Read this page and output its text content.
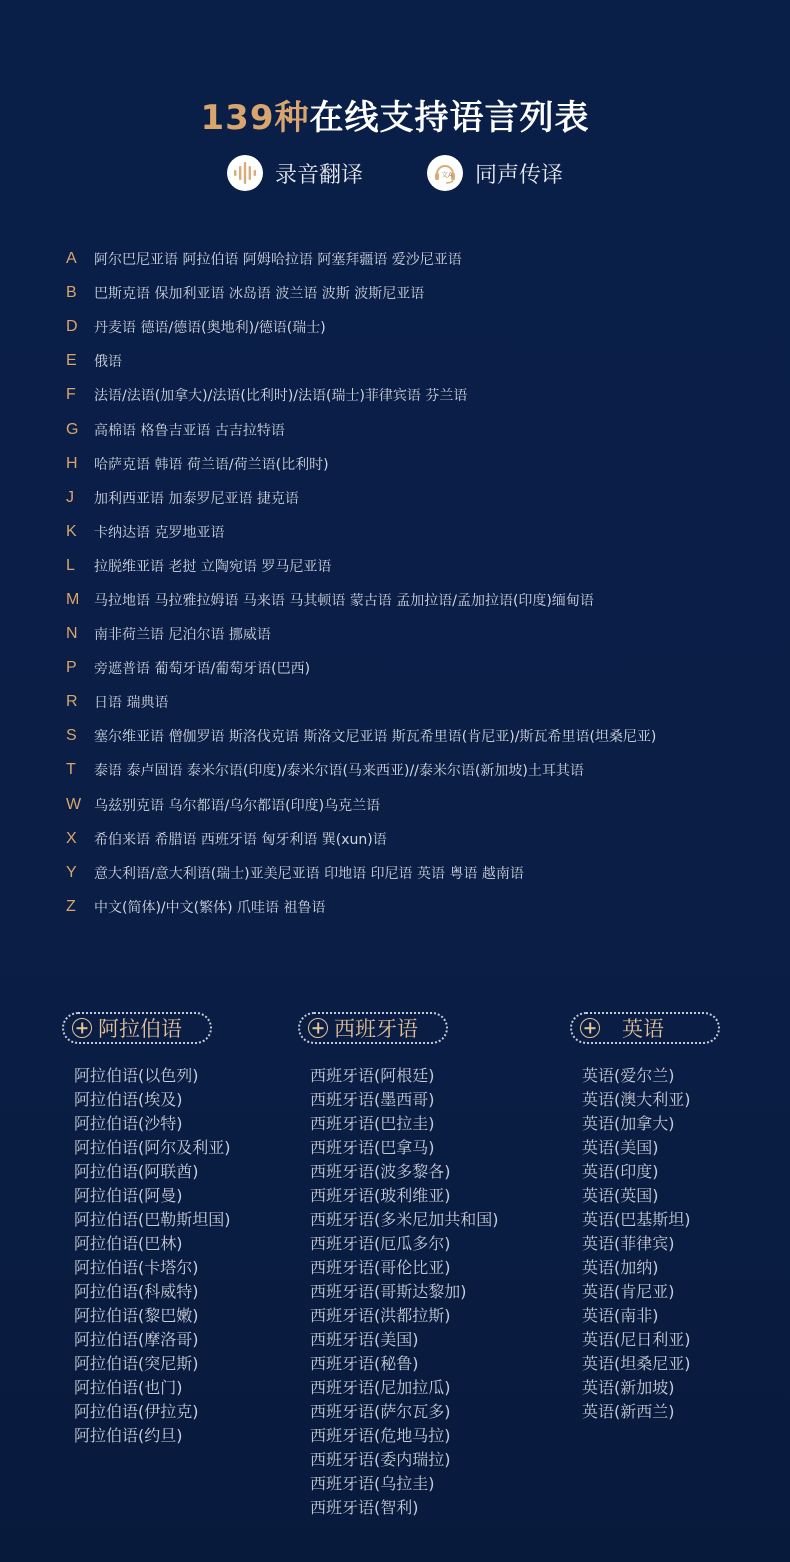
139种在线支持语言列表
录音翻译	文A 同声传译
A	阿尔巴尼亚语 阿拉伯语 阿姆哈拉语 阿塞拜疆语 爱沙尼亚语
B	巴斯克语 保加利亚语 冰岛语 波兰语 波斯 波斯尼亚语
D	丹麦语 德语/德语(奥地利)/德语(瑞士)
E	俄语
F	法语/法语(加拿大)/法语(比利时)/法语(瑞士)菲律宾语 芬兰语
G	高棉语 格鲁吉亚语 古吉拉特语
H	哈萨克语 韩语 荷兰语/荷兰语(比利时)
J	加利西亚语 加泰罗尼亚语 捷克语
K	卡纳达语 克罗地亚语
L	拉脱维亚语 老挝 立陶宛语 罗马尼亚语
M	马拉地语 马拉雅拉姆语 马来语 马其顿语 蒙古语 孟加拉语/孟加拉语(印度)缅甸语
N	南非荷兰语 尼泊尔语 挪威语
P	旁遮普语 葡萄牙语/葡萄牙语(巴西)
R	日语 瑞典语
S	塞尔维亚语 僧伽罗语 斯洛伐克语 斯洛文尼亚语 斯瓦希里语(肯尼亚)/斯瓦希里语(坦桑尼亚)
T	泰语 泰卢固语 泰米尔语(印度)/泰米尔语(马来西亚)//泰米尔语(新加坡)土耳其语
W 乌兹别克语 乌尔都语/乌尔都语(印度)乌克兰语
X	希伯来语 希腊语 西班牙语 匈牙利语 巽(xun)语
Y	意大利语/意大利语(瑞士)亚美尼亚语 印地语 印尼语 英语 粤语 越南语
Z	中文(简体)/中文(繁体) 爪哇语 祖鲁语
阿拉伯语
阿拉伯语(以色列)
阿拉伯语(埃及)
阿拉伯语(沙特)
阿拉伯语(阿尔及利亚)
阿拉伯语(阿联酋)
阿拉伯语(阿曼)
阿拉伯语(巴勒斯坦国)
阿拉伯语(巴林)
阿拉伯语(卡塔尔)
阿拉伯语(科威特)
阿拉伯语(黎巴嫩)
阿拉伯语(摩洛哥)
阿拉伯语(突尼斯)
阿拉伯语(也门)
阿拉伯语(伊拉克)
阿拉伯语(约旦)
西班牙语
西班牙语(阿根廷)
西班牙语(墨西哥)
西班牙语(巴拉圭)
西班牙语(巴拿马)
西班牙语(波多黎各)
西班牙语(玻利维亚)
西班牙语(多米尼加共和国)
西班牙语(厄瓜多尔)
西班牙语(哥伦比亚)
西班牙语(哥斯达黎加)
西班牙语(洪都拉斯)
西班牙语(美国)
西班牙语(秘鲁)
西班牙语(尼加拉瓜)
西班牙语(萨尔瓦多)
西班牙语(危地马拉)
西班牙语(委内瑞拉)
西班牙语(乌拉圭)
西班牙语(智利)
英语
英语(爱尔兰)
英语(澳大利亚)
英语(加拿大)
英语(美国)
英语(印度)
英语(英国)
英语(巴基斯坦)
英语(菲律宾)
英语(加纳)
英语(肯尼亚)
英语(南非)
英语(尼日利亚)
英语(坦桑尼亚)
英语(新加坡)
英语(新西兰)
